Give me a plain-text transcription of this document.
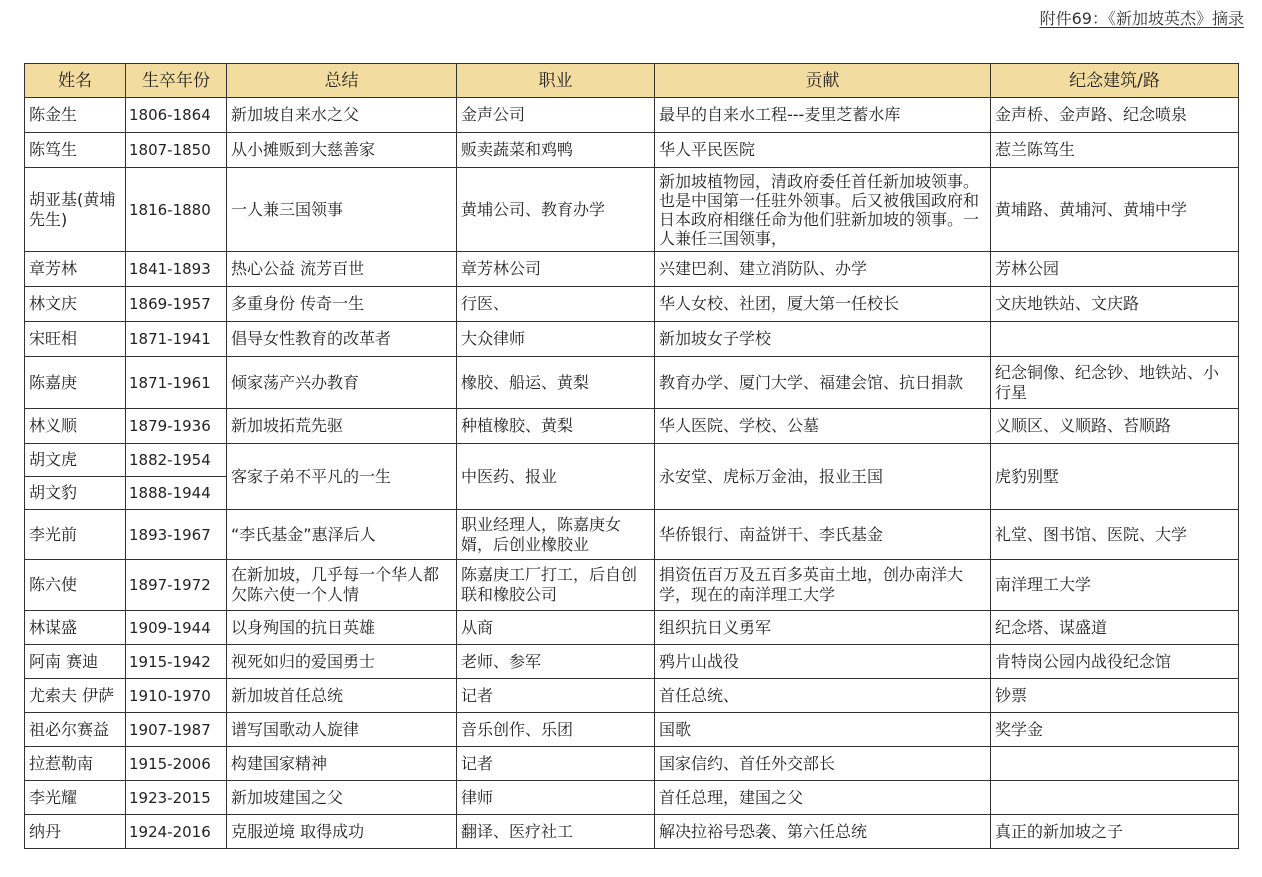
附件69：《新加坡英杰》摘录
姓名	生卒年份	总结	职业	贡献	纪念建筑/路
陈金生	1806-1864	新加坡自来水之父	金声公司	最早的自来水工程---麦里芝蓄水库	金声桥、金声路、纪念喷泉
陈笃生	1807-1850	从小摊贩到大慈善家	贩卖蔬菜和鸡鸭	华人平民医院	惹兰陈笃生
胡亚基(黄埔先生)	1816-1880	一人兼三国领事	黄埔公司、教育办学	新加坡植物园，清政府委任首任新加坡领事。也是中国第一任驻外领事。后又被俄国政府和日本政府相继任命为他们驻新加坡的领事。一人兼任三国领事，	黄埔路、黄埔河、黄埔中学
章芳林	1841-1893	热心公益 流芳百世	章芳林公司	兴建巴刹、建立消防队、办学	芳林公园
林文庆	1869-1957	多重身份 传奇一生	行医、	华人女校、社团，厦大第一任校长	文庆地铁站、文庆路
宋旺相	1871-1941	倡导女性教育的改革者	大众律师	新加坡女子学校	
陈嘉庚	1871-1961	倾家荡产兴办教育	橡胶、船运、黄梨	教育办学、厦门大学、福建会馆、抗日捐款	纪念铜像、纪念钞、地铁站、小行星
林义顺	1879-1936	新加坡拓荒先驱	种植橡胶、黄梨	华人医院、学校、公墓	义顺区、义顺路、苔顺路
胡文虎	1882-1954	客家子弟不平凡的一生	中医药、报业	永安堂、虎标万金油，报业王国	虎豹别墅
胡文豹	1888-1944				
李光前	1893-1967	“李氏基金”惠泽后人	职业经理人，陈嘉庚女婿，后创业橡胶业	华侨银行、南益饼干、李氏基金	礼堂、图书馆、医院、大学
陈六使	1897-1972	在新加坡，几乎每一个华人都欠陈六使一个人情	陈嘉庚工厂打工，后自创联和橡胶公司	捐资伍百万及五百多英亩土地，创办南洋大学，现在的南洋理工大学	南洋理工大学
林谋盛	1909-1944	以身殉国的抗日英雄	从商	组织抗日义勇军	纪念塔、谋盛道
阿南 赛迪	1915-1942	视死如归的爱国勇士	老师、参军	鸦片山战役	肯特岗公园内战役纪念馆
尤索夫 伊萨	1910-1970	新加坡首任总统	记者	首任总统、	钞票
祖必尔赛益	1907-1987	谱写国歌动人旋律	音乐创作、乐团	国歌	奖学金
拉惹勒南	1915-2006	构建国家精神	记者	国家信约、首任外交部长	
李光耀	1923-2015	新加坡建国之父	律师	首任总理，建国之父	
纳丹	1924-2016	克服逆境 取得成功	翻译、医疗社工	解决拉裕号恐袭、第六任总统	真正的新加坡之子
